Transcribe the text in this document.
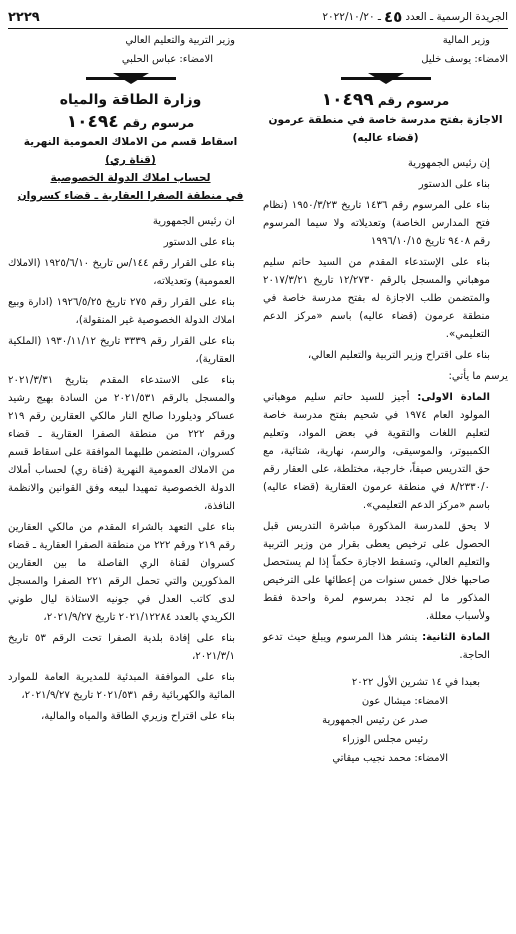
الجريدة الرسمية ـ العدد
٤٥
ـ ٢٠٢٢/١٠/٢٠
٢٢٢٩

وزير المالية

الامضاء: يوسف خليل

مرسوم رقم ١٠٤٩٩
الاجازة بفتح مدرسة خاصة في منطقة عرمون
(قضاء عاليه)

إن رئيس الجمهورية

بناء على الدستور

بناء على المرسوم رقم ١٤٣٦ تاريخ ١٩٥٠/٣/٢٣ (نظام فتح المدارس الخاصة) وتعديلاته ولا سيما المرسوم رقم ٩٤٠٨ تاريخ ١٩٩٦/١٠/١٥

بناء على الإستدعاء المقدم من السيد حاتم سليم موهباني والمسجل بالرقم ١٢/٢٧٣٠ تاريخ ٢٠١٧/٣/٢١ والمتضمن طلب الاجازة له بفتح مدرسة خاصة في منطقة عرمون (قضاء عاليه) باسم «مركز الدعم التعليمي».

بناء على اقتراح وزير التربية والتعليم العالي،

يرسم ما يأتي:

المادة الاولى: أجيز للسيد حاتم سليم موهباني المولود العام ١٩٧٤ في شحيم بفتح مدرسة خاصة لتعليم اللغات والتقوية في بعض المواد، وتعليم الكمبيوتر، والموسيقى، والرسم، نهارية، شتائية، مع حق التدريس صيفاً، خارجية، مختلطة، على العقار رقم ٨/٢٣٣٠/٠ في منطقة عرمون العقارية (قضاء عاليه) باسم «مركز الدعم التعليمي».

لا يحق للمدرسة المذكورة مباشرة التدريس قبل الحصول على ترخيص يعطى بقرار من وزير التربية والتعليم العالي، وتسقط الاجازة حكماً إذا لم يستحصل صاحبها خلال خمس سنوات من إعطائها على الترخيص المذكور ما لم تجدد بمرسوم لمرة واحدة فقط ولأسباب معللة.

المادة الثانية: ينشر هذا المرسوم ويبلغ حيث تدعو الحاجة.

بعبدا في ١٤ تشرين الأول ٢٠٢٢
الامضاء: ميشال عون
صدر عن رئيس الجمهورية
رئيس مجلس الوزراء
الامضاء: محمد نجيب ميقاتي

وزير التربية والتعليم العالي

الامضاء: عباس الحلبي

وزارة الطاقة والمياه
مرسوم رقم ١٠٤٩٤
اسقاط قسم من الاملاك العمومية النهرية
(قناة ري)
لحساب املاك الدولة الخصوصية
في منطقة الصفرا العقارية ـ قضاء كسروان

ان رئيس الجمهورية

بناء على الدستور

بناء على القرار رقم ١٤٤/س تاريخ ١٩٢٥/٦/١٠ (الاملاك العمومية) وتعديلاته،

بناء على القرار رقم ٢٧٥ تاريخ ١٩٢٦/٥/٢٥ (ادارة وبيع املاك الدولة الخصوصية غير المنقولة)،

بناء على القرار رقم ٣٣٣٩ تاريخ ١٩٣٠/١١/١٢ (الملكية العقارية)،

بناء على الاستدعاء المقدم بتاريخ ٢٠٢١/٣/٣١ والمسجل بالرقم ٢٠٢١/٥٣١ من السادة بهيج رشيد عساكر وديلوردا صالح النار مالكي العقارين رقم ٢١٩ ورقم ٢٢٢ من منطقة الصفرا العقارية ـ قضاء كسروان، المتضمن طلبهما الموافقة على اسقاط قسم من الاملاك العمومية النهرية (قناة ري) لحساب أملاك الدولة الخصوصية تمهيدا لبيعه وفق القوانين والانظمة النافذة،

بناء على التعهد بالشراء المقدم من مالكي العقارين رقم ٢١٩ ورقم ٢٢٢ من منطقة الصفرا العقارية ـ قضاء كسروان لقناة الري الفاصلة ما بين العقارين المذكورين والتي تحمل الرقم ٢٢١ الصفرا والمسجل لدى كاتب العدل في جونيه الاستاذة ليال طوني الكريدي بالعدد ٢٠٢١/١٢٢٨٤ تاريخ ٢٠٢١/٩/٢٧،

بناء على إفادة بلدية الصفرا تحت الرقم ٥٣ تاريخ ٢٠٢١/٣/١،

بناء على الموافقة المبدئية للمديرية العامة للموارد المائية والكهربائية رقم ٢٠٢١/٥٣١ تاريخ ٢٠٢١/٩/٢٧،

بناء على اقتراح وزيري الطاقة والمياه والمالية،
